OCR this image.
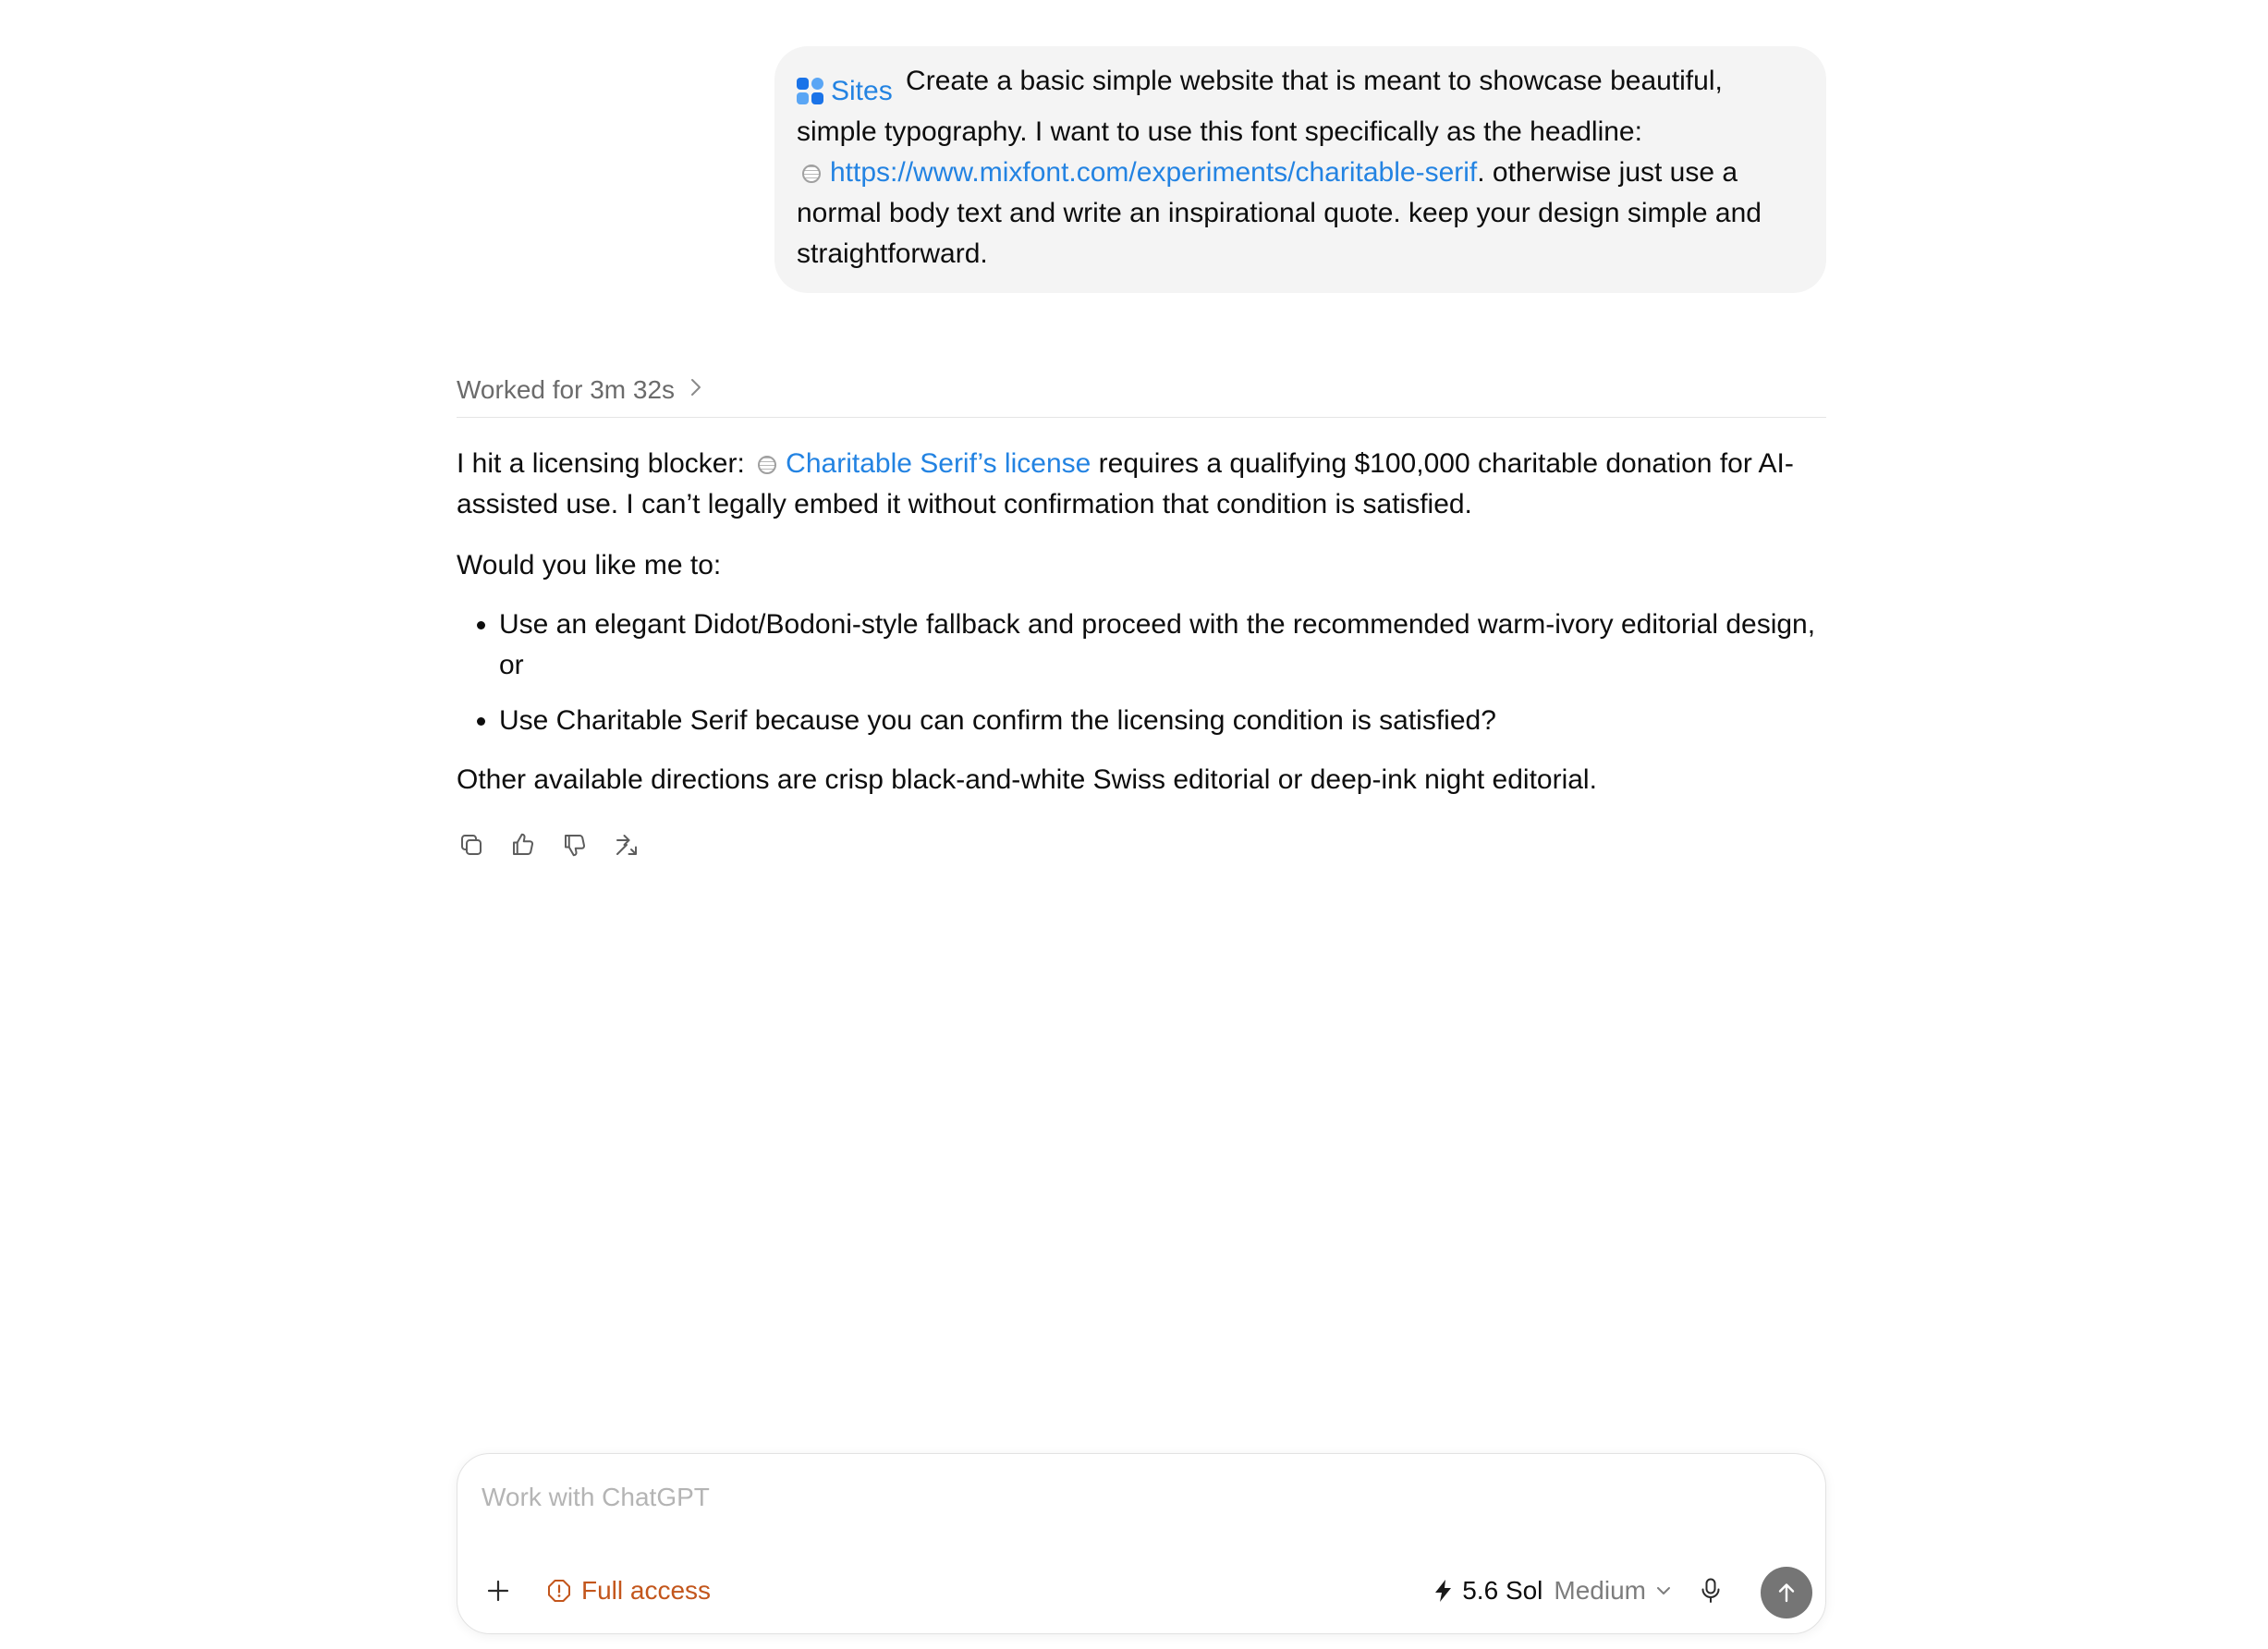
Sites Create a basic simple website that is meant to showcase beautiful, simple typography. I want to use this font specifically as the headline:
https://www.mixfont.com/experiments/charitable-serif. otherwise just use a normal body text and write an inspirational quote. keep your design simple and straightforward.
Worked for 3m 32s

I hit a licensing blocker: Charitable Serif’s license requires a qualifying $100,000 charitable donation for AI-assisted use. I can’t legally embed it without confirmation that condition is satisfied.

Would you like me to:

• Use an elegant Didot/Bodoni-style fallback and proceed with the recommended warm-ivory editorial design, or
• Use Charitable Serif because you can confirm the licensing condition is satisfied?

Other available directions are crisp black-and-white Swiss editorial or deep-ink night editorial.

Work with ChatGPT
Full access	5.6 Sol Medium
